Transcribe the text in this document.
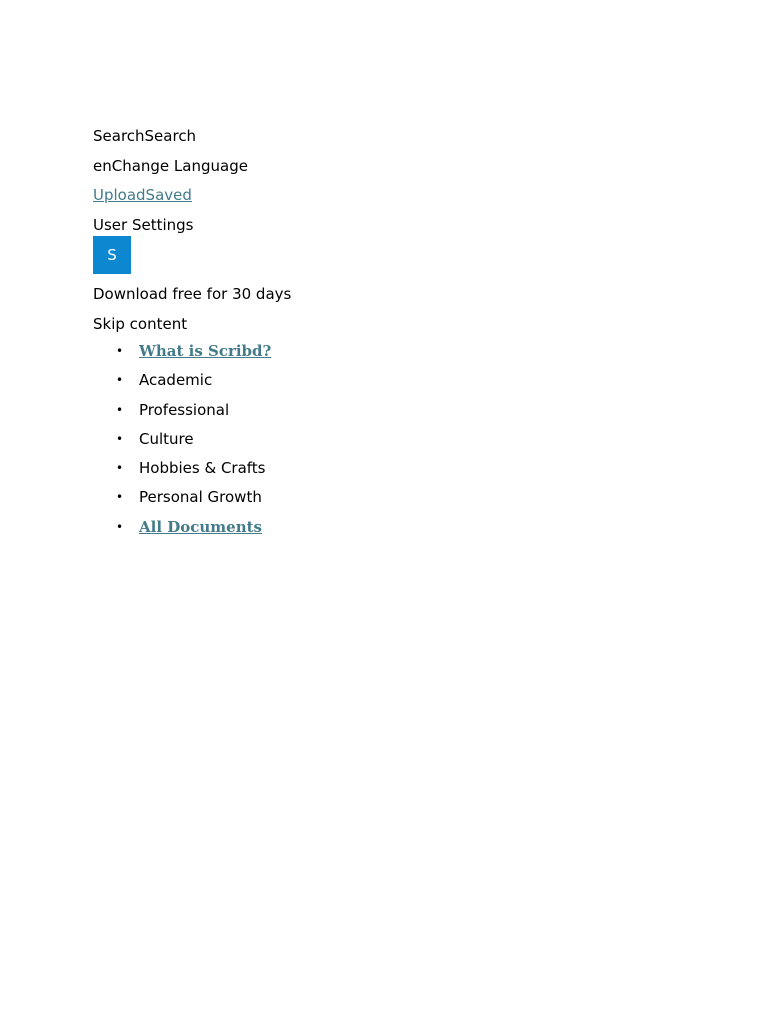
SearchSearch
enChange Language
UploadSaved
User Settings
S
Download free for 30 days
Skip content
• What is Scribd?
• Academic
• Professional
• Culture
• Hobbies & Crafts
• Personal Growth
• All Documents
